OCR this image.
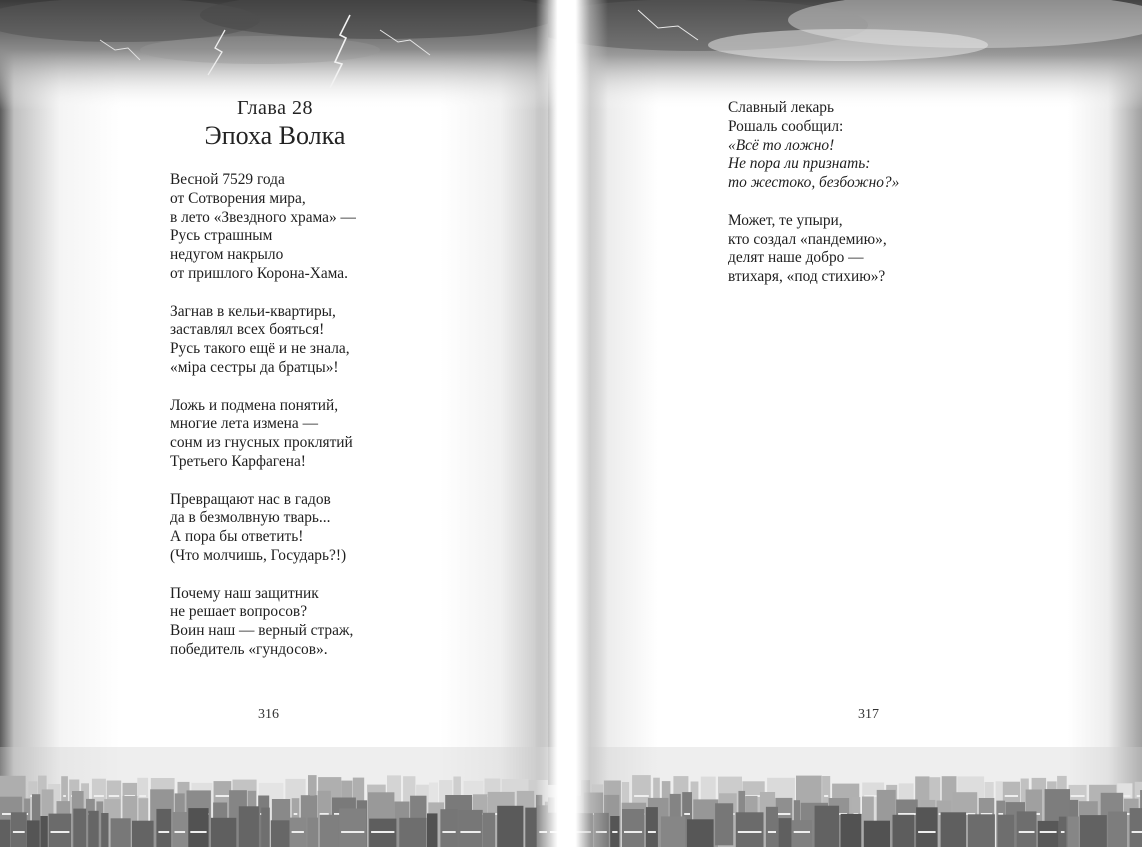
Глава 28
Эпоха Волка
Весной 7529 года
от Сотворения мира,
в лето «Звездного храма» —
Русь страшным
недугом накрыло
от пришлого Корона-Хама.
Загнав в кельи-квартиры,
заставлял всех бояться!
Русь такого ещё и не знала,
«міра сестры да братцы»!
Ложь и подмена понятий,
многие лета измена —
сонм из гнусных проклятий
Третьего Карфагена!
Превращают нас в гадов
да в безмолвную тварь...
А пора бы ответить!
(Что молчишь, Государь?!)
Почему наш защитник
не решает вопросов?
Воин наш — верный страж,
победитель «гундосов».
316
Славный лекарь
Рошаль сообщил:
«Всё то ложно!
Не пора ли признать:
то жестоко, безбожно?»
Может, те упыри,
кто создал «пандемию»,
делят наше добро —
втихаря, «под стихию»?
317
